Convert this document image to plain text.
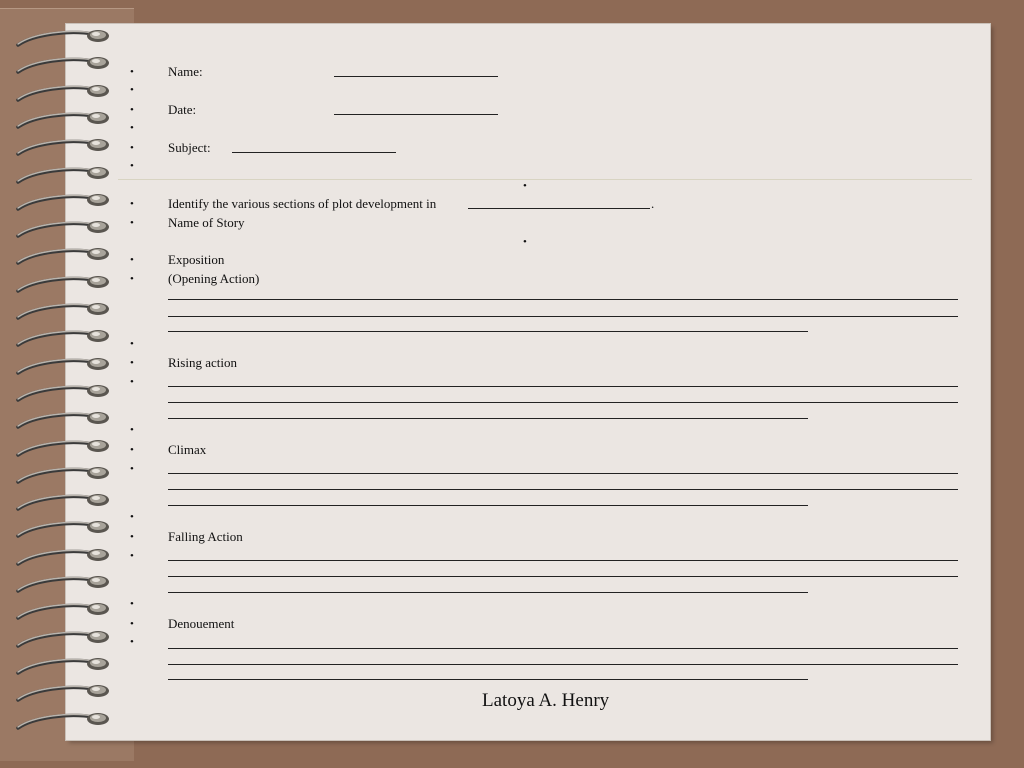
•	Name:
•
•	Date:
•
•	Subject:
•
•
•	Identify the various sections of plot development in	.
•	Name of Story
•
•	Exposition
•	(Opening Action)
•
•	Rising action
•
•
•	Climax
•
•
•	Falling Action
•
•
•	Denouement
•
Latoya A. Henry
